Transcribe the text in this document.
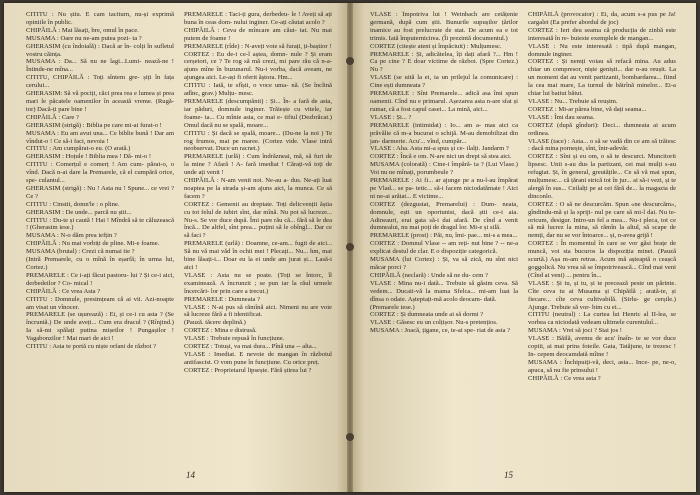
CITITU : Nu știu. E cam taciturn, nu-și exprimă opiniile în public.

CHIPĂILĂ : Mai lăsați, bre, omul în pace.

MUSAMA : Oare nu ne-am putea pozi- ta ?

GHERASIM (cu îndoială) : Dacă ar în- colți în sufletul vostru căința.

MUSAMA : Da... Să nu ne lagi...Lumi- nează-ne ! Întinde-ne mîna...

CITITU, CHIPĂILĂ : Toți sîntem gre- șiți în fața cerului...

GHERASIM: Să vă pociți, căci prea rea e lumea și prea mari le păcatele oamenilor în această vreme. (Rugă- tor) Dacă-ți pare bine !

CHIPĂILĂ : Care ?

GHERASIM (strigă) : Biblia pe care mi-ai furat-o !

MUSAMA : Eu am avut una... Ce biblie bună ! Dar am vîndut-o ! Ce să-i faci, nevoia !

CITITU : Am cumpărat-o eu. (O arată.)

GHERASIM : Hoțule ! Biblia mea ! Dă- mi-o !

CITITU : Comerțul e comerț ! Am cum- părat-o, o vînd. Dacă n-ai dare la Premarele, că el cumpără orice, spe- culantul...

GHERASIM (strigă) : Nu ! Asta nu ! Spune... ce vrei ? Ce ?

CITITU : Cinstit, domn'le : o pline.

GHERASIM : De unde... parcă nu știi...

CITITU : Du-te și caută ! Hai ! Mîndră să te căluzească ! (Gherasim iese.)

MUSAMA : N-o dăm prea iefțin ?

CHIPĂILĂ : Nu mai vorbiți de pline. Mi-e foame.

MUSAMA (brutal) : Crezi că numai tie ?

(Intră Premarele, cu o mînă în eșarfă; în urma lui, Cortez.)

PREMARELE : Ce i-ați făcut pastoru- lui ? Și ce-i aici, derbedeilor ? Co- mical !

CHIPĂILĂ : Ce vrea Asta ?

CITITU : Domnule, presimțeam că ai vii. Azi-noapte am visat un vînocer.

PREMARELE (se ușurează) : Ei, și ce-i cu asta ? (Se încruntă.) De unde aveți... Cum era dracul ? (Rînjind.) Ia să-mi spălați putina mișeilor ! Pungașilor ! Vagabonzilor ! Mai mari de aici !

CITITU : Asta te portă cu niște orfani de război ?

PREMARELE : Taci-ți gura, derbedeu- le ! Aveți să ați buna în ceas dom- nului inginer. Ce-ați căutat acolo ?

CHIPĂILĂ : Ceva de mîncare am căut- tat. Nu mai putem de foame !

PREMARELE (rîde) : N-aveți voie să furați, ți-baștior !

CORTEZ : Eu de-i ce-l aștea, domn- nule ? Și eram cerșetori, ce ? Te rog să mă crezi, mi pare rău că n-a- ajuns mîne în buzunarul. Nu-i vorba, dacă aveam, ne ajungea aici. Le-ași fi oferit ăștora. Hm...

CITITU : Iată, te sfîșii, o voce uma- nă. (Se înclină adînc, grav.) Mulțu- mesc.

PREMARELE (descumpănit) : Și... În- a fară de asta, iar păduri, domnule inginer. Trăiește cu vitele, iar foame- ta... Cu mînie asta, ce mai e- tifiul (Dezbrăcat.) Omul dacă nu se spală, moare...

CITITU : Și dacă se spală, moare... (Du-ne la noi ) Te rog frumos, mai pe maree. (Cortez vide. Vlase intră neobservat. Duce un racnet.)

PREMARELE (urlă) : Cum îndrăzneai, mă, să furi de la mine ? Afară ! A- fară imediat ! Cărați-vă toți de unde ați venit !

CHIPĂILĂ : N-am venit noi. Ne-au a- dus. Ne-ați luat noaptea pe la strada și-am ajuns aici, la munca. Ce să facem ?

CORTEZ : Gemenii au dreptate. Toți delicvenții ăștia cu tot felul de iubiri sînt, dar mînă. Nu pot să lucreze... Nu-s. Se vor duce după. Îmi pare rău că... fără să le dea încă... De altfel, sînt prea... puțini să le obîngl... Dar ce să faci ?

PREMARELE (urlă) : Doamne, ce-am... fugit de aici... Să nu vă mai văd în ochii mei ! Plecați... Nu... hm, mai bine lăsați-i... Doar eu la ei unde am jurat și... Lasă-i aici !

VLASE : Asta nu se poate. (Toți se întorc, îl examinează. A încrunzit ; se pun iar la răul urmele încercări- lor prin care a trecut.)

PREMARELE : Dumneata ?

VLASE : N-ai pus să rămînă aici. Nimeni nu are voie să lucreze fără a fi identificat.

(Pauză. tăcere deplină.)

CORTEZ : Mina e distrusă.

VLASE : Trebuie repusă în funcțiune.

CORTEZ : Totuși, va mai dura... Pînă una -- alta...

VLASE : Imediat. E nevoie de mangan în războiul antifascist. O vom pune în funcțiune. Cu orice preț.

CORTEZ : Proprietarul lipsește. Fără știrea lui ?

14

VLASE : Împotriva lui ! Weinbach are cetățenie germană, după cum știi. Bunurile supușilor țărilor inamice au fost prelucrate de stat. De acum ea e tot trimis. Iată împuternicirea. (Îi prezintă documentul.)

CORTEZ (citește atent și împăciuit) : Mulțumesc.

PREMARELE : Și, adicătelea, îți dați afară ?... Hm ! Ca pe cine ? E doar victime de război. (Spre Cortez.) Nu ?

VLASE (se uită la ei, ia un prilejul la comunicare) : Cine ești dumneata ?

PREMARELE : Sînt Premarele... adică asa îmi spun oamenii. Cînd nu e primarul. Așezarea asta n-are sfat și rumar, că a fost capul casei... La mină, aici...

VLASE : Și... ?

PREMARELE (intimidat) : Io... am a- mas aici ca prăvălie că m-a bucurat o schijă. M-au demobilizat din jan- darmerie. Acu'... vînd, cumpăr...

VLASE : Aha. Asta mi-a spus și ce- ilalți. Jandarm ?

CORTEZ : Încă e om. N-are nici un drept să stea aici.

MUSAMA (colorată) : Cine-i împără- ta ? (Lui Vlase.) Voi nu ne mînați, porumbeule ?

PREMARELE : Ai fi... ar ajunge pe a nu-l-au împărat pe Vlad... se pa- tetic... să-i facem niciodatămate ! Aici ni ne-ai arătat... E victime...

CORTEZ (dezgustat, Premarelui) : Dum- neata, domnule, ești un oportunist, dacă știi ce-i aia. Adineauri, erai gata să-i dai afară. De cînd a venit dumnealui, nu mai poți de dragul lor. Mi-e și silă.

PREMARELE (prost) : Păi, nu, îmi- pae... mi-s a mea...

CORTEZ : Domnul Vlase -- am reți- nut bine ? -- ne-a explicat destul de clar. E o dispoziție categorică.

MUSAMA (lui Cortez) : Și, va să zică, nu sînt nici măcar porci ?

CHIPĂILĂ (neclară) : Unde să ne du- cem ?

VLASE : Mina nu-i dată... Trebuie să găsim ceva. Să vedem... Ducaii-vă la mama Sfelca... mi-am luat la dînsa o odaie. Așteptați-mă acolo deocam- dată.

(Premarele iese.)

CORTEZ : Și dumneata unde ai să dormi ?

VLASE : Găsesc eu un colțișor. Nu-s pretențios.

MUSAMA : Joacă, țigane, ce, te-ai spe- riat de asta ?

CHIPĂILĂ (provocator) : Ei, da, acum s-a pus pe Ja! cargalei (Ea prefer abordul de joc)

CORTEZ : Ieri deu seama că producția de zinbă este interesată în re- buieste exemplele de mangan...

VLASE : Nu este interesată : tipă după mangan, domnule inginer.

CORTEZ : Și nemți voiau să refacă mina. Au adus chiar un compresor, niște geniști... dar n-au reușit. La un moment dat au venit partizanii, bombardarea... fiind la cea mai mare, La turnul de bătrînă minelor... Ei-a chiar lui batiut bătut.

VLASE : Nu... Trebuie să reușim.

CORTEZ : Mi-ar părea bine, vă dați seama...

VLASE : Îmi dau seama.

CORTEZ (după gînduri): Deci... dumneata ai acum ordinea.

VLASE (tace) : Asta... o să se vadă din ce am să trăiesc : dacă mina pornește, sînt, într-adevăr.

CORTEZ : Sînt și eu om, o să te descurci. Muncitorii lipsesc. Unii s-au dus la partizani, cei mai mulți s-au refugiat. Și, în general, greutățile... Ce să vă mai spun, mulțumesc... că țărani strică tot în jur... ai să-i vezi, și te alergă în sus... Ceilalți pe ai cei fără de... la magazia de dinconlo.

CORTEZ : O să ne descurcăm. Spun «ne descurcăm», gîndindu-mă și la spriji- nul pe care să mi-l dai. Nu te- oricum, desigur. Intro-un fel a mea... Nu-i pleca, tot ce să mă lucrez la mina, să rămîn la altul, să scape de nemți, dar nu se vor întoarce... și, n-avea grijă !

CORTEZ : În momentul în care se vor găsi brațe de muncă, voi sta bucuros la dispoziția minei. (Pauză scurtă.) Așa m-am retras. Acum mă așteaptă o ceașcă goggolică. Nu vrea să se împotrivească... Cînd mai veni (Cînd ai veni) ... pentru în...

VLASE : Și tu, și tu, și te precează peste un părinte. Cîte ceva tu ai Musama și Chipăilă ; arată-te, și fiecare... cîte ceva cultivabilă. (Sirlu- ge cerșile.) Ajunge. Trebuie să vor- bim cu ei...

CITITU (neutral) : La curtea lui Henric al II-lea, se vorbea ca niciodată vedeam ultimele curentuluî...

MUSAMA : Vrei să joci ? Stai jos !

VLASE : Băilă, avemu de acu' înaîn- te se vor duce copiii, ai mai prins foteile. Gata, Tatăjune, te trezesc ! In- cepem deocamdată mîine !

MUSAMA : Închipuiți-vă, deci, asta... Ince- pe, ne-o, apuca, să nu fie prinsului !

CHIPĂILĂ : Ce vrea asta ?

15
